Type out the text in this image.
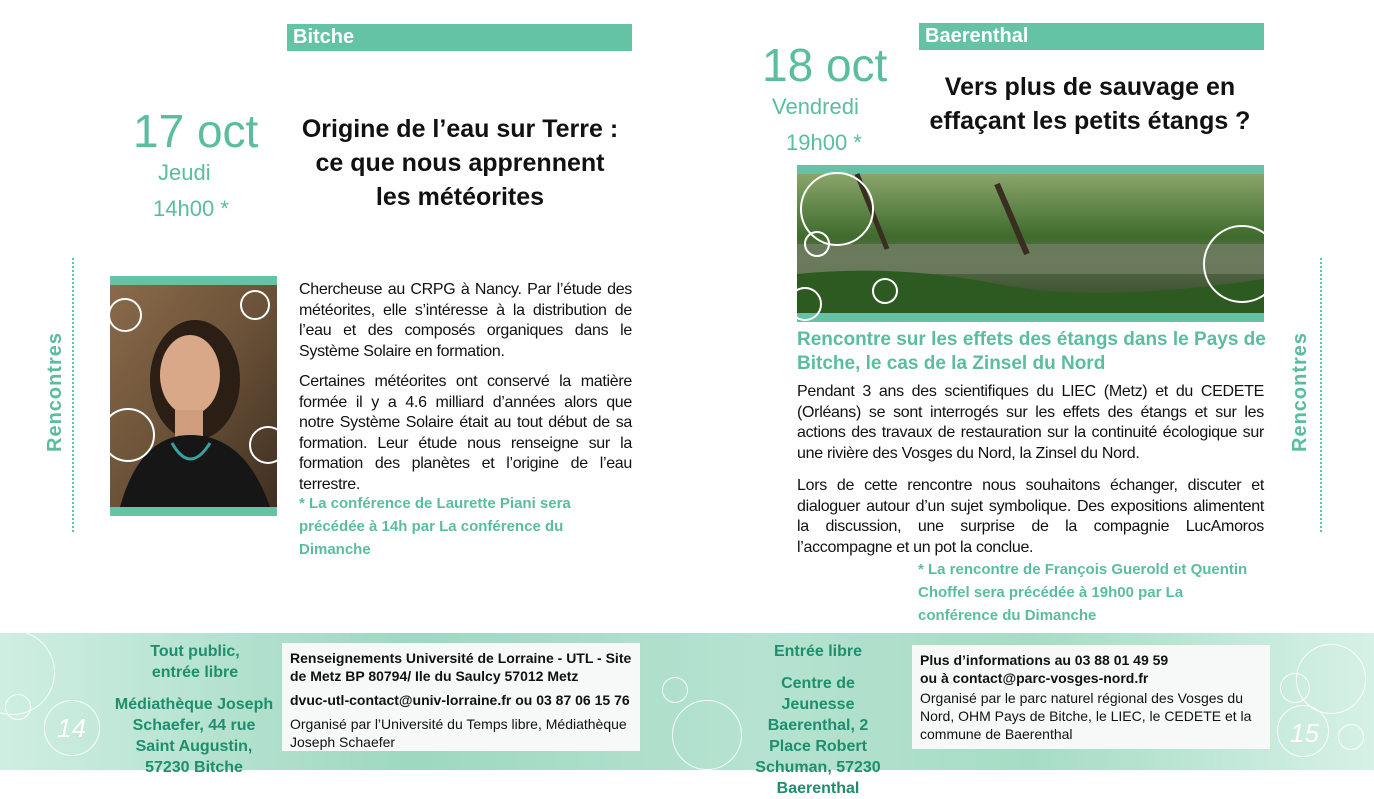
Bitche
17 oct
Jeudi
14h00 *
Origine de l’eau sur Terre :
ce que nous apprennent
les météorites
Rencontres
Chercheuse au CRPG à Nancy. Par l’étude des météorites, elle s’intéresse à la distribution de l’eau et des composés organiques dans le Système Solaire en formation.
Certaines météorites ont conservé la matière formée il y a 4.6 milliard d’années alors que notre Système Solaire était au tout début de sa formation. Leur étude nous renseigne sur la formation des planètes et l’origine de l’eau terrestre.
* La conférence de Laurette Piani sera précédée à 14h par La conférence du Dimanche
Baerenthal
18 oct
Vendredi
19h00 *
Vers plus de sauvage en
effaçant les petits étangs ?
Rencontre sur les effets des étangs dans le Pays de Bitche, le cas de la Zinsel du Nord
Pendant 3 ans des scientifiques du LIEC (Metz) et du CEDETE (Orléans) se sont interrogés sur les effets des étangs et sur les actions des travaux de restauration sur la continuité écologique sur une rivière des Vosges du Nord, la Zinsel du Nord.
Lors de cette rencontre nous souhaitons échanger, discuter et dialoguer autour d’un sujet symbolique. Des expositions alimentent la discussion, une surprise de la compagnie LucAmoros l’accompagne et un pot la conclue.
* La rencontre de François Guerold et Quentin Choffel sera précédée à 19h00 par La conférence du Dimanche
Rencontres
14	15
Tout public, entrée libre
Médiathèque Joseph Schaefer, 44 rue Saint Augustin, 57230 Bitche
Renseignements Université de Lorraine - UTL - Site de Metz BP 80794/ Ile du Saulcy 57012 Metz
dvuc-utl-contact@univ-lorraine.fr ou 03 87 06 15 76
Organisé par l’Université du Temps libre, Médiathèque Joseph Schaefer
Entrée libre
Centre de Jeunesse Baerenthal, 2 Place Robert Schuman, 57230 Baerenthal
Plus d’informations au 03 88 01 49 59
ou à contact@parc-vosges-nord.fr
Organisé par le parc naturel régional des Vosges du Nord, OHM Pays de Bitche, le LIEC, le CEDETE et la commune de Baerenthal
